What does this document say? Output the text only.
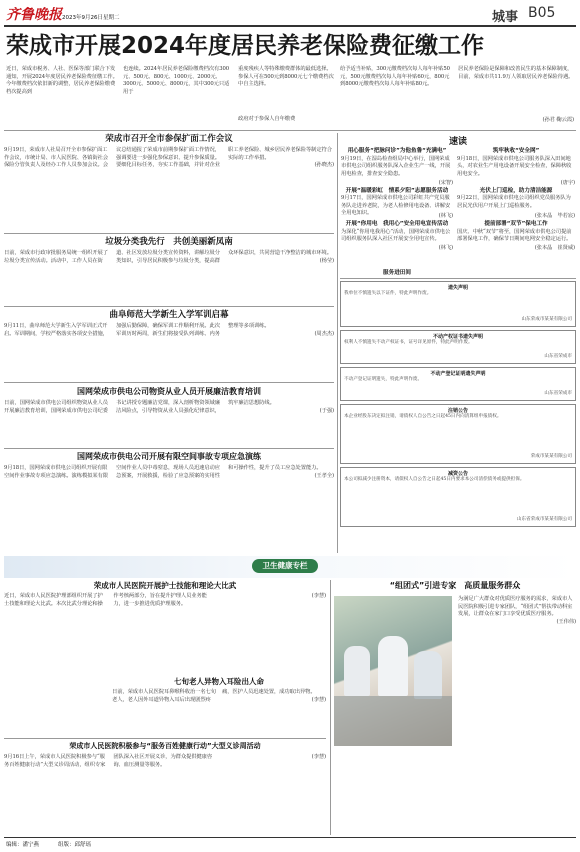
齐鲁晚报 2023年9月26日 星期二	城事 B05
荣成市开展2024年度居民养老保险费征缴工作
近日，荣成市税务、人社、医保等部门联合下发通知，开展2024年度居民养老保险费征缴工作。今年缴费档次依旧新的调整，居民养老保险缴费档次提高到
也连续。2024年居民养老保险缴费档次有300元、500元、800元、1000元、2000元、3000元、5000元、8000元，其中300元只适用于
重度残疾人等特殊缴费群体的最低选择。参保人可在500元到8000元七个缴费档次中自主选择。
政府对于参保人自年缴费
给予适当补贴，300元缴费档次每人每年补贴50元，500元缴费档次每人每年补贴60元，800元到8000元缴费档次每人每年补贴80元。
居民养老保险是保障和改善民生的基本保障制度，目前，荣成市共11.9万人领取居民养老保险待遇。
(孙君 鞠云霞)
荣成市召开全市参保扩面工作会议

9月19日，荣成市人社局召开全市参保扩面工作会议，市统计局、市人民医院、各镇街社会保险分管负责人及经办工作人员参加会议。会议总结通报了荣成市前期参保扩面工作情况，强调要进一步强化参保意识、提升参保质量。要细化目标任务，夯实工作基础，并针对企业职工养老保险、城乡居民养老保险等制定符合实际的工作举措。

(孙晓杰)

垃圾分类我先行　共创美丽新凤南

日前，荣成市行政审批服务局统一组织开展了垃圾分类宣传活动。活动中，工作人员在街道、社区发放垃圾分类宣传资料，讲解垃圾分类知识，引导居民积极参与垃圾分类，提高群众环保意识，共同营造干净整洁的城市环境。

(杨莹)

曲阜师范大学新生入学军训启幕

9月11日，曲阜师范大学新生入学军训正式开启。军训期间，学校严格落实各项安全措施，加强后勤保障，确保军训工作顺利开展。此次军训历时两周，新生们将接受队列训练、内务整理等多项训练。

(周杰杰)

国网荣成市供电公司物资从业人员开展廉洁教育培训

日前，国网荣成市供电公司组织物资从业人员开展廉洁教育培训，国网荣成市供电公司纪委书记讲授专题廉洁党课，深入剖析物资领域廉洁风险点，引导物资从业人员强化纪律意识，筑牢廉洁思想防线。

(于强)

国网荣成市供电公司开展有限空间事故专项应急演练

9月18日，国网荣成市供电公司组织开展有限空间作业事故专项应急演练。演练模拟某有限空间作业人员中毒窒息，现场人员迅速启动应急预案，开展救援，检验了应急预案的实用性和可操作性，提升了员工应急处置能力。

(王孝全)

速读
用心服务“把脉问诊”为他鱼鲁“充满电”
9月19日，在湿岛检查组局中心举行，国网荣成市供电公司组织服务队深入企业生产一线，开展用电检查，排查安全隐患。
(宋智)
开展“温暖彩虹　情系夕阳”志愿服务活动
9月17日，国网荣成市供电公司彩虹共产党员服务队走进养老院，为老人检修用电设备、讲解安全用电知识。	(林飞)
开展“你用电　我用心”安全用电宣传活动
为深化“你用电我用心”活动，国网荣成市供电公司组织服务队深入社区开展安全用电宣传。
(林飞)
筑牢秋收“安全网”
9月18日，国网荣成市供电公司服务队深入田间地头，对农业生产用电设备开展安全检查，保障秋收用电安全。
(唐宇)
光伏上门巡检，助力清洁能源
9月22日，国网荣成市供电公司组织党员服务队为居民光伏用户开展上门巡检服务。
(张本晶　毕若宸)
提前部署“双节”保电工作
国庆、中秋“双节”将至，国网荣成市供电公司提前部署保电工作，确保节日期间电网安全稳定运行。
(张本晶　崔贤威)
服务进田间
遗失声明
我单位不慎遗失以下证件，特此声明作废。
山东荣成市某某有限公司
不动产权证书遗失声明
权利人不慎遗失不动产权证书，证号详见原件，特此声明作废。
山东省荣成市
不动产登记证明遗失声明
不动产登记证明遗失，特此声明作废。
山东省荣成市
注销公告
本企业经股东决定拟注销，请债权人自公告之日起45日内向清算组申报债权。
荣成市某某有限公司
减资公告
本公司拟减少注册资本，请债权人自公告之日起45日内要求本公司清偿债务或提供担保。
山东省荣成市某某有限公司
卫生健康专栏
荣成市人民医院开展护士技能和理论大比武

近日，荣成市人民医院护理部组织开展了护士技能和理论大比武。本次比武分理论和操作考核两部分，旨在提升护理人员业务能力，进一步推进优质护理服务。

(李慧)

七旬老人异物入耳险出人命

日前，荣成市人民医院耳鼻喉科收治一名七旬老人，老人因外耳道异物入耳后出现剧烈疼痛，医护人员迅速处置，成功取出异物。

(李慧)

荣成市人民医院积极参与“服务百姓健康行动”大型义诊周活动

9月16日上午，荣成市人民医院积极参与“服务百姓健康行动”大型义诊周活动，组织专家团队深入社区开展义诊，为群众提供健康咨询、血压测量等服务。

(李慧)

“组团式”引进专家　高质量服务群众

为满足广大群众对优质医疗服务的需求，荣成市人民医院积极引进专家团队，“组团式”帮扶带动科室发展，让群众在家门口享受优质医疗服务。

(王伟伟)

编辑：潘宁燕	组版：邱舒瑶
